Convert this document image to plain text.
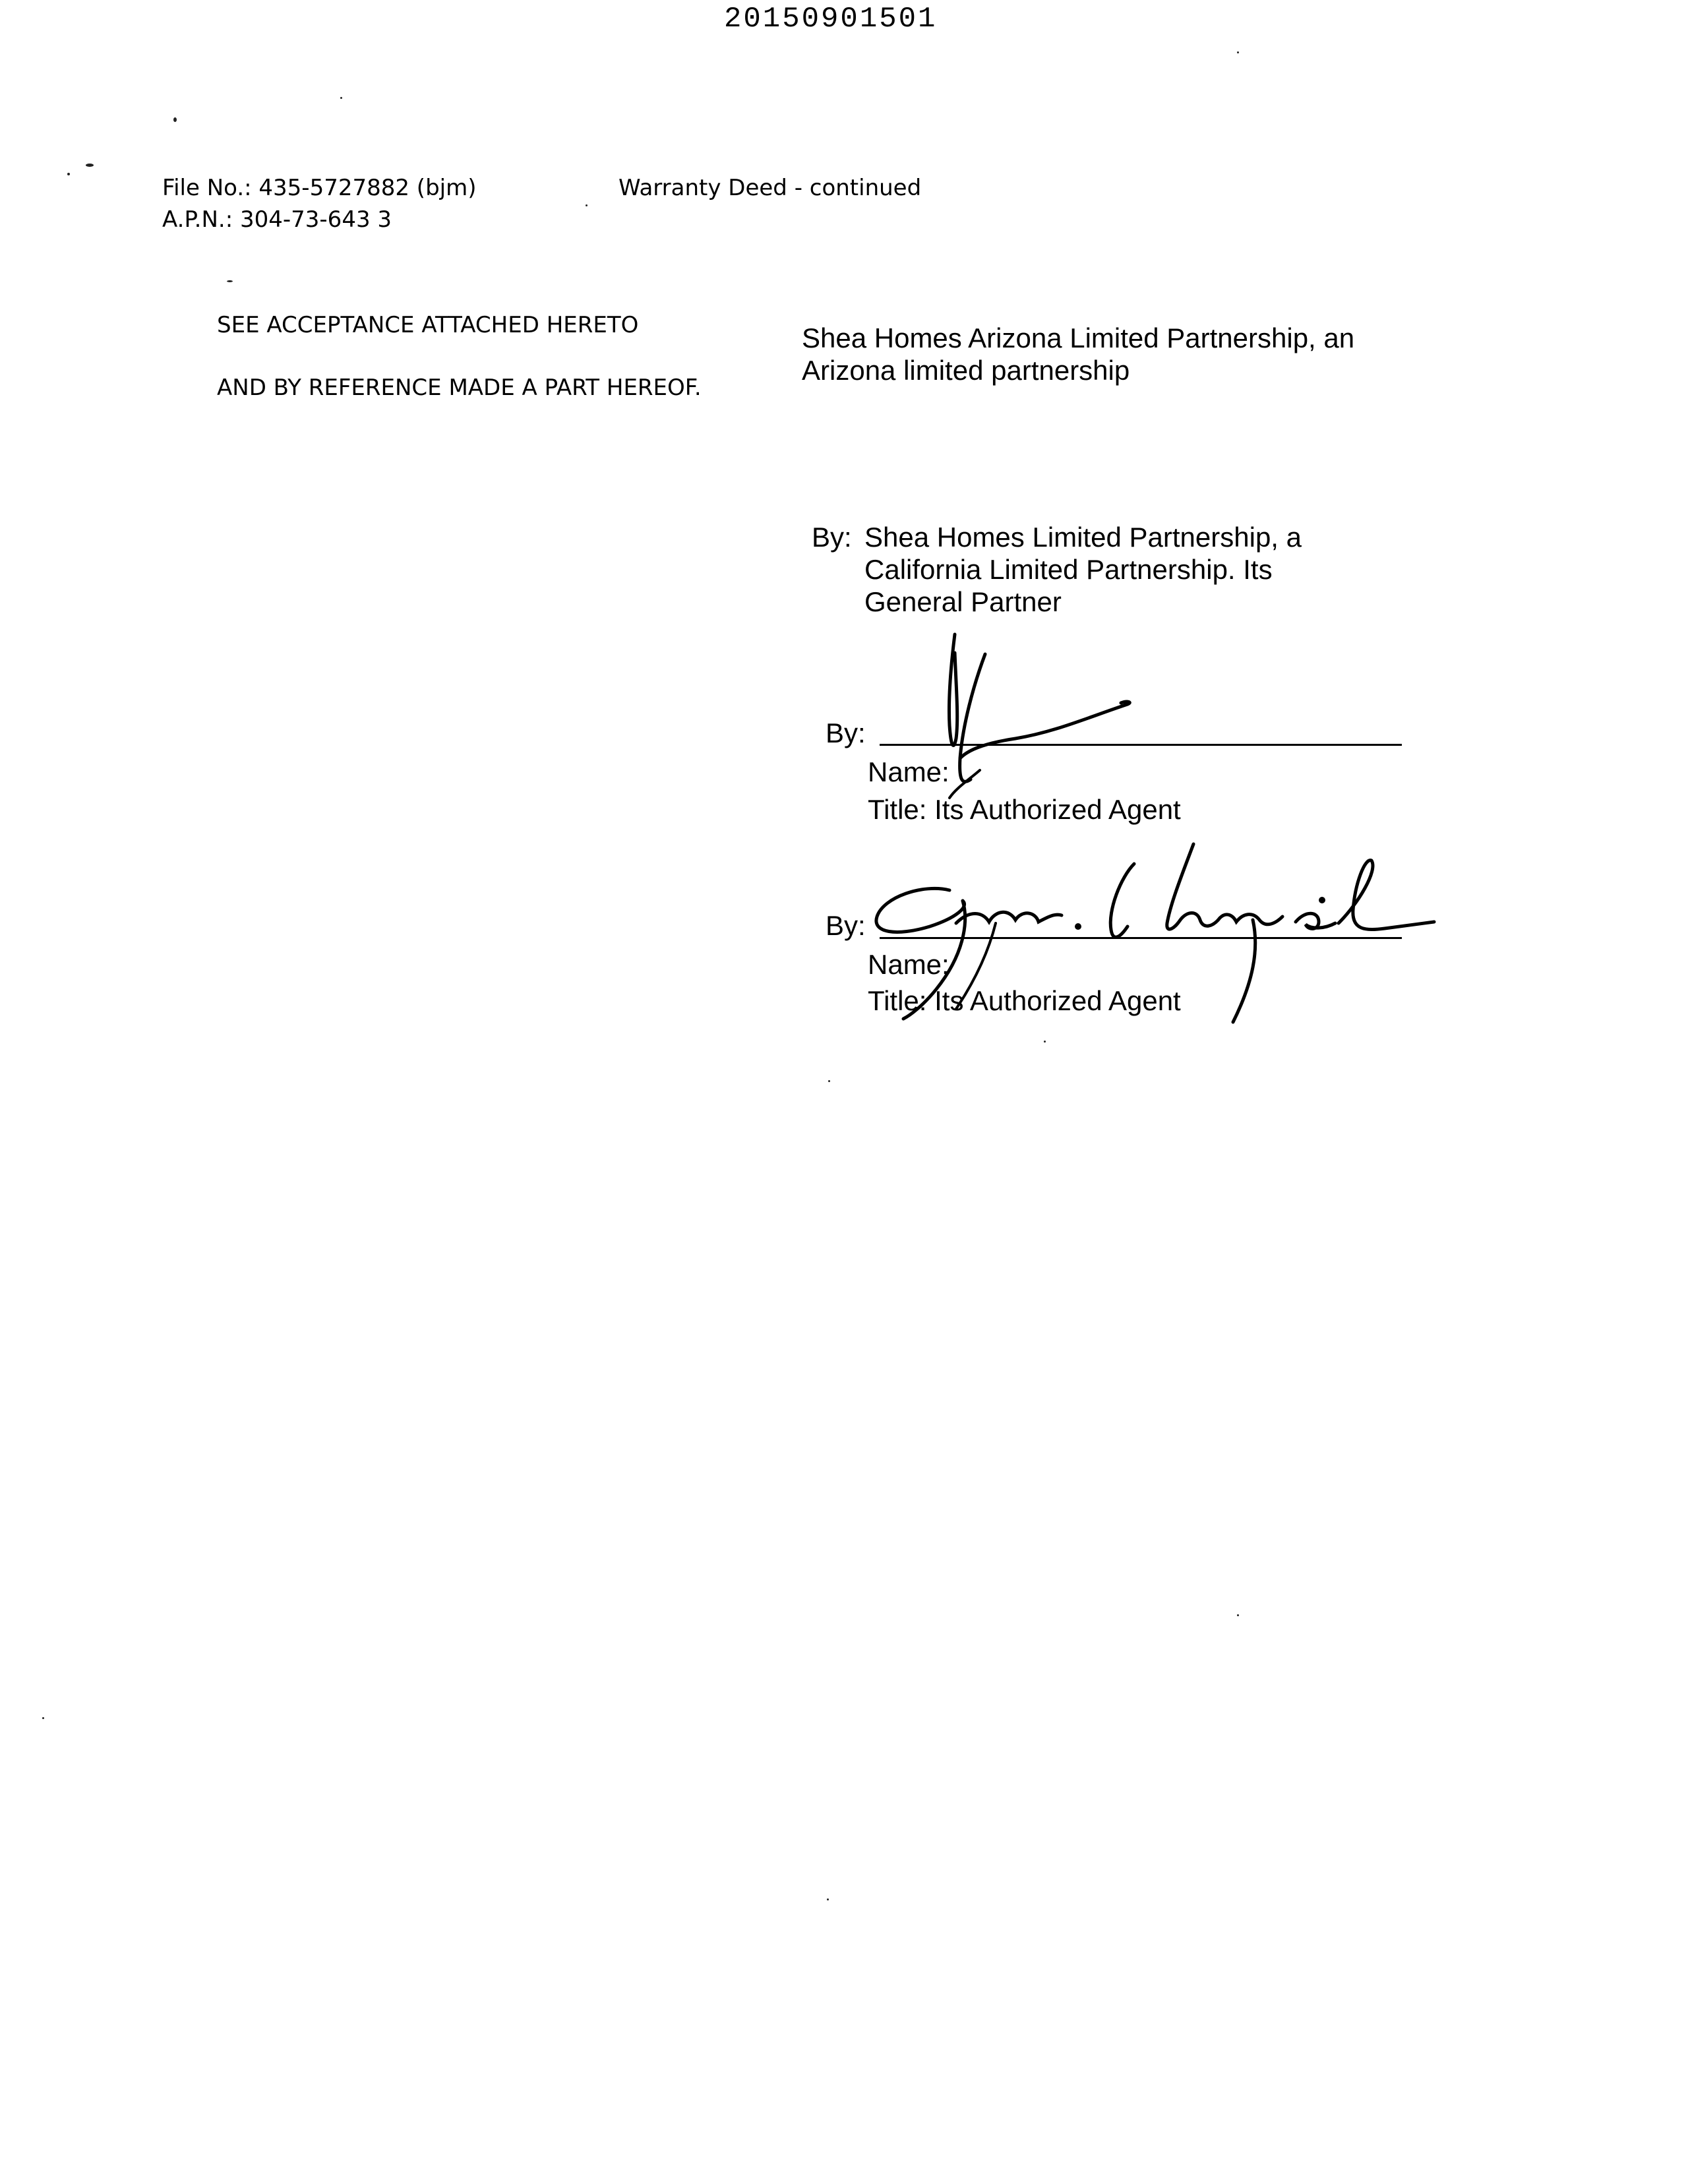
20150901501
File No.: 435-5727882 (bjm)
A.P.N.: 304-73-643 3
Warranty Deed - continued
SEE ACCEPTANCE ATTACHED HERETO
AND BY REFERENCE MADE A PART HEREOF.
Shea Homes Arizona Limited Partnership, an
Arizona limited partnership
By: Shea Homes Limited Partnership, a
California Limited Partnership. Its
General Partner
By:
Name:
Title: Its Authorized Agent
By:
Name:
Title: Its Authorized Agent
